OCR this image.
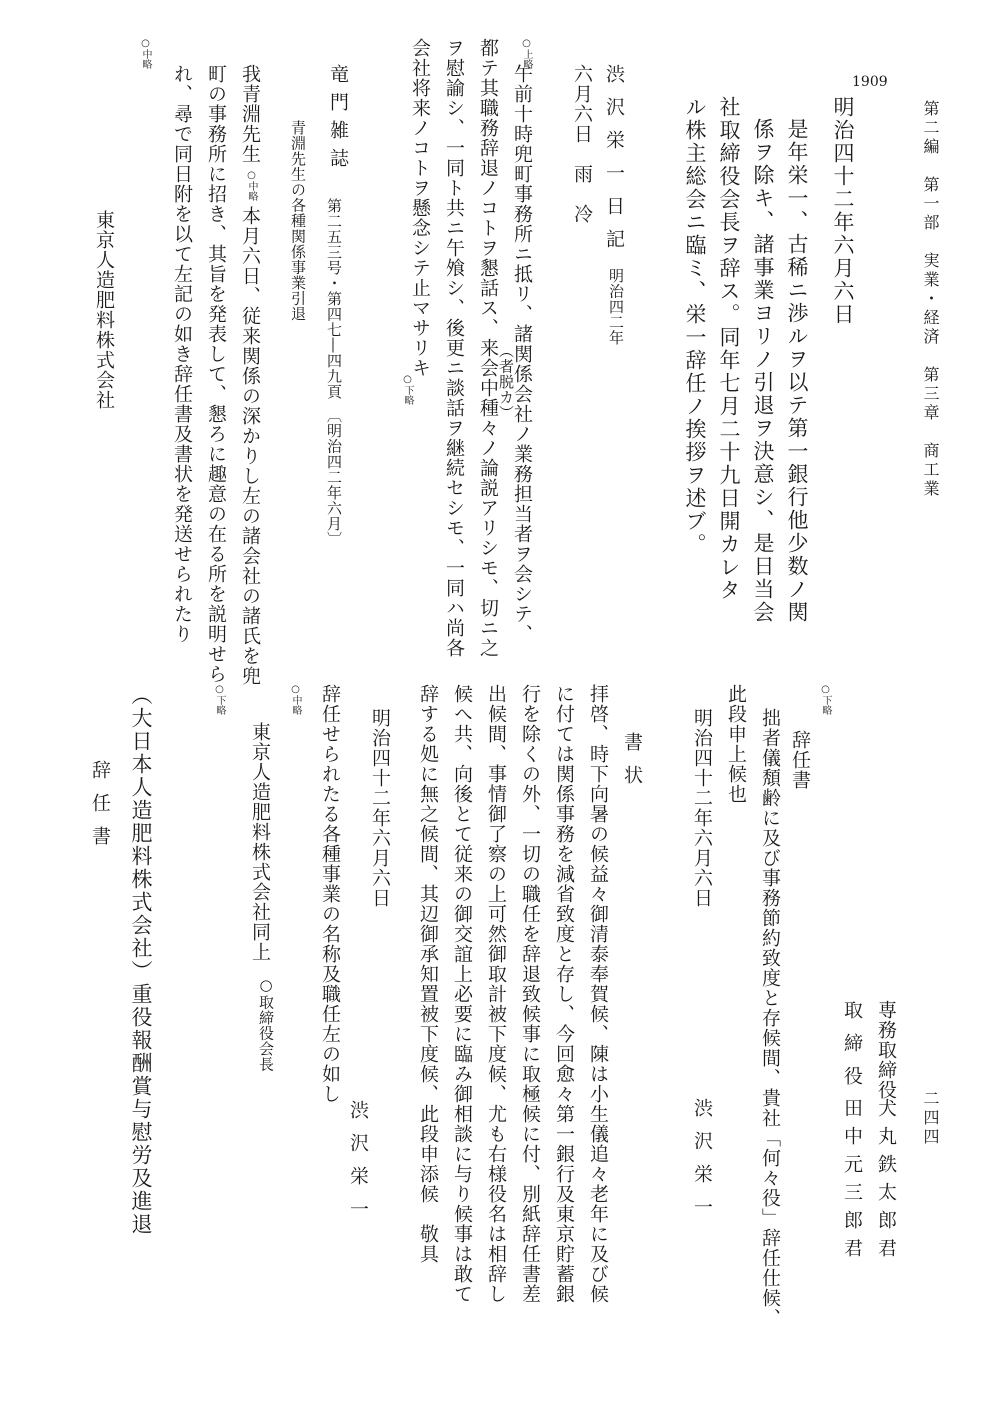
第二編　第一部　実業・経済　第三章　商工業
二四四
1909
明治四十二年六月六日
是年栄一、古稀ニ渉ルヲ以テ第一銀行他少数ノ関
係ヲ除キ、諸事業ヨリノ引退ヲ決意シ、是日当会
社取締役会長ヲ辞ス。同年七月二十九日開カレタ
ル株主総会ニ臨ミ、栄一辞任ノ挨拶ヲ述ブ。
渋沢栄一日記
明治四二年
六月六日　雨　冷
○上略
午前十時兜町事務所ニ抵リ、諸関係会社ノ業務担当者ヲ会シテ、
（者脱カ）
都テ其職務辞退ノコトヲ懇話ス、来会中種々ノ論説アリシモ、切ニ之
ヲ慰諭シ、一同ト共ニ午飧シ、後更ニ談話ヲ継続セシモ、一同ハ尚各
会社将来ノコトヲ懸念シテ止マサリキ
○下略
竜門雑誌
第二五三号・第四七―四九頁　〔明治四二年六月〕
青淵先生の各種関係事業引退
我青淵先生
○中略
本月六日、従来関係の深かりし左の諸会社の諸氏を兜
町の事務所に招き、其旨を発表して、懇ろに趣意の在る所を説明せら
れ、尋で同日附を以て左記の如き辞任書及書状を発送せられたり
○中略
東京人造肥料株式会社
○下略
辞任書
拙者儀頽齢に及び事務節約致度と存候間、貴社「何々役」辞任仕候、
此段申上候也
明治四十二年六月六日
渋沢栄一
専務取締役
犬丸鉄太郎君
取締役
田中元三郎君
書状
拝啓、時下向暑の候益々御清泰奉賀候、陳は小生儀追々老年に及び候
に付ては関係事務を減省致度と存し、今回愈々第一銀行及東京貯蓄銀
行を除くの外、一切の職任を辞退致候事に取極候に付、別紙辞任書差
出候間、事情御了察の上可然御取計被下度候、尤も右様役名は相辞し
候へ共、向後とて従来の御交誼上必要に臨み御相談に与り候事は敢て
辞する処に無之候間、其辺御承知置被下度候、此段申添候　敬具
明治四十二年六月六日
渋沢栄一
辞任せられたる各種事業の名称及職任左の如し
○中略
東京人造肥料株式会社同上
○取締役会長
○下略
（大日本人造肥料株式会社）重役報酬賞与慰労及進退
辞任書
